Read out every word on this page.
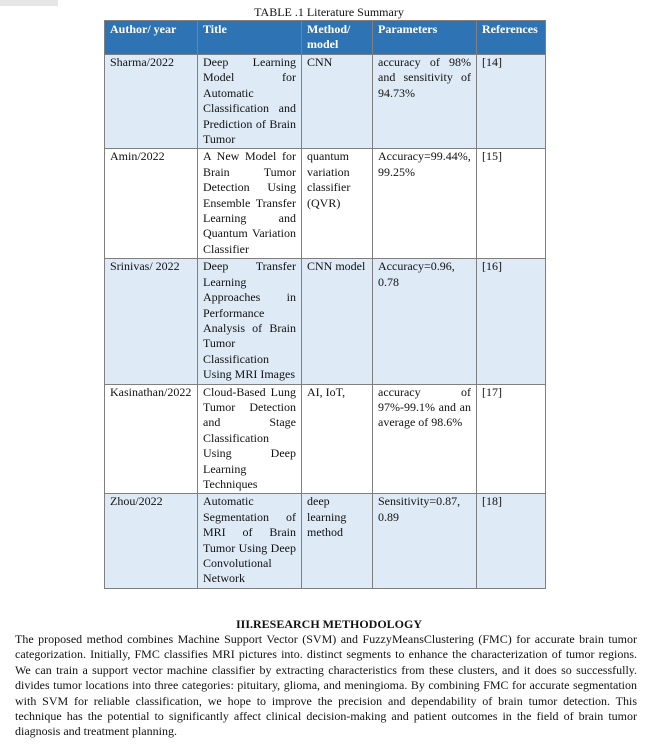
TABLE .1 Literature Summary
Author/ year	Title	Method/ model	Parameters	References
Sharma/2022	Deep Learning Model for Automatic Classification and Prediction of Brain Tumor	CNN	accuracy of 98% and sensitivity of 94.73%	[14]
Amin/2022	A New Model for Brain Tumor Detection Using Ensemble Transfer Learning and Quantum Variation Classifier	quantum variation classifier (QVR)	Accuracy=99.44%, 99.25%	[15]
Srinivas/ 2022	Deep Transfer Learning Approaches in Performance Analysis of Brain Tumor Classification Using MRI Images	CNN model	Accuracy=0.96, 0.78	[16]
Kasinathan/2022	Cloud-Based Lung Tumor Detection and Stage Classification Using Deep Learning Techniques	AI, IoT,	accuracy of 97%-99.1% and an average of 98.6%	[17]
Zhou/2022	Automatic Segmentation of MRI of Brain Tumor Using Deep Convolutional Network	deep learning method	Sensitivity=0.87, 0.89	[18]
III.RESEARCH METHODOLOGY

The proposed method combines Machine Support Vector (SVM) and FuzzyMeansClustering (FMC) for accurate brain tumor categorization. Initially, FMC classifies MRI pictures into. distinct segments to enhance the characterization of tumor regions. We can train a support vector machine classifier by extracting characteristics from these clusters, and it does so successfully. divides tumor locations into three categories: pituitary, glioma, and meningioma. By combining FMC for accurate segmentation with SVM for reliable classification, we hope to improve the precision and dependability of brain tumor detection. This technique has the potential to significantly affect clinical decision-making and patient outcomes in the field of brain tumor diagnosis and treatment planning.
